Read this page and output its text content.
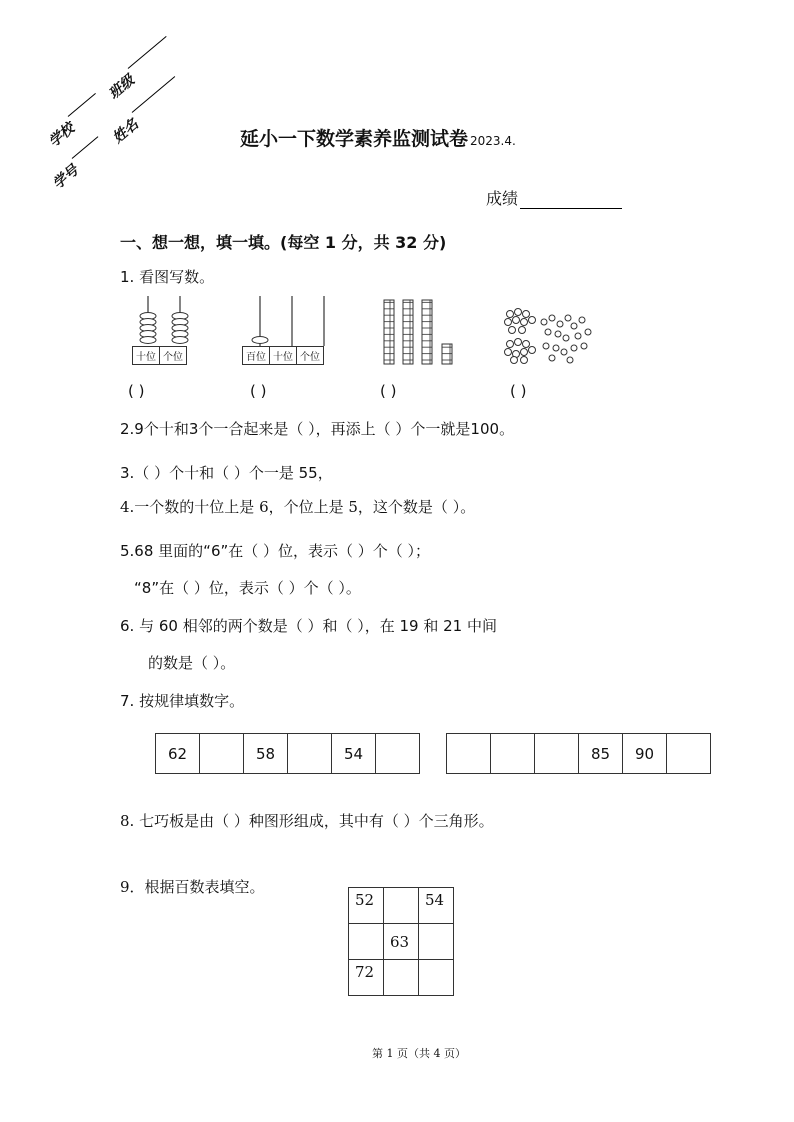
学校
班级
学号
姓名	延小一下数学素养监测试卷 2023.4.
成绩
一、想一想，填一填。(每空 1 分，共 32 分)
1. 看图写数。
十位 个位	百位 十位 个位
( )	( )	( )	( )
2.9个十和3个一合起来是（ ），再添上（ ）个一就是100。
3.（ ）个十和（ ）个一是 55，
4.一个数的十位上是 6，个位上是 5，这个数是（ ）。
5.68 里面的“6”在（ ）位，表示（ ）个（ ）；
“8”在（ ）位，表示（ ）个（ ）。
6. 与 60 相邻的两个数是（ ）和（ ），在 19 和 21 中间
的数是（ ）。
7. 按规律填数字。
62		58		54	
				85	90	
8. 七巧板是由（ ）种图形组成，其中有（ ）个三角形。
9．根据百数表填空。
52		54
	63	
72		
第 1 页（共 4 页）
